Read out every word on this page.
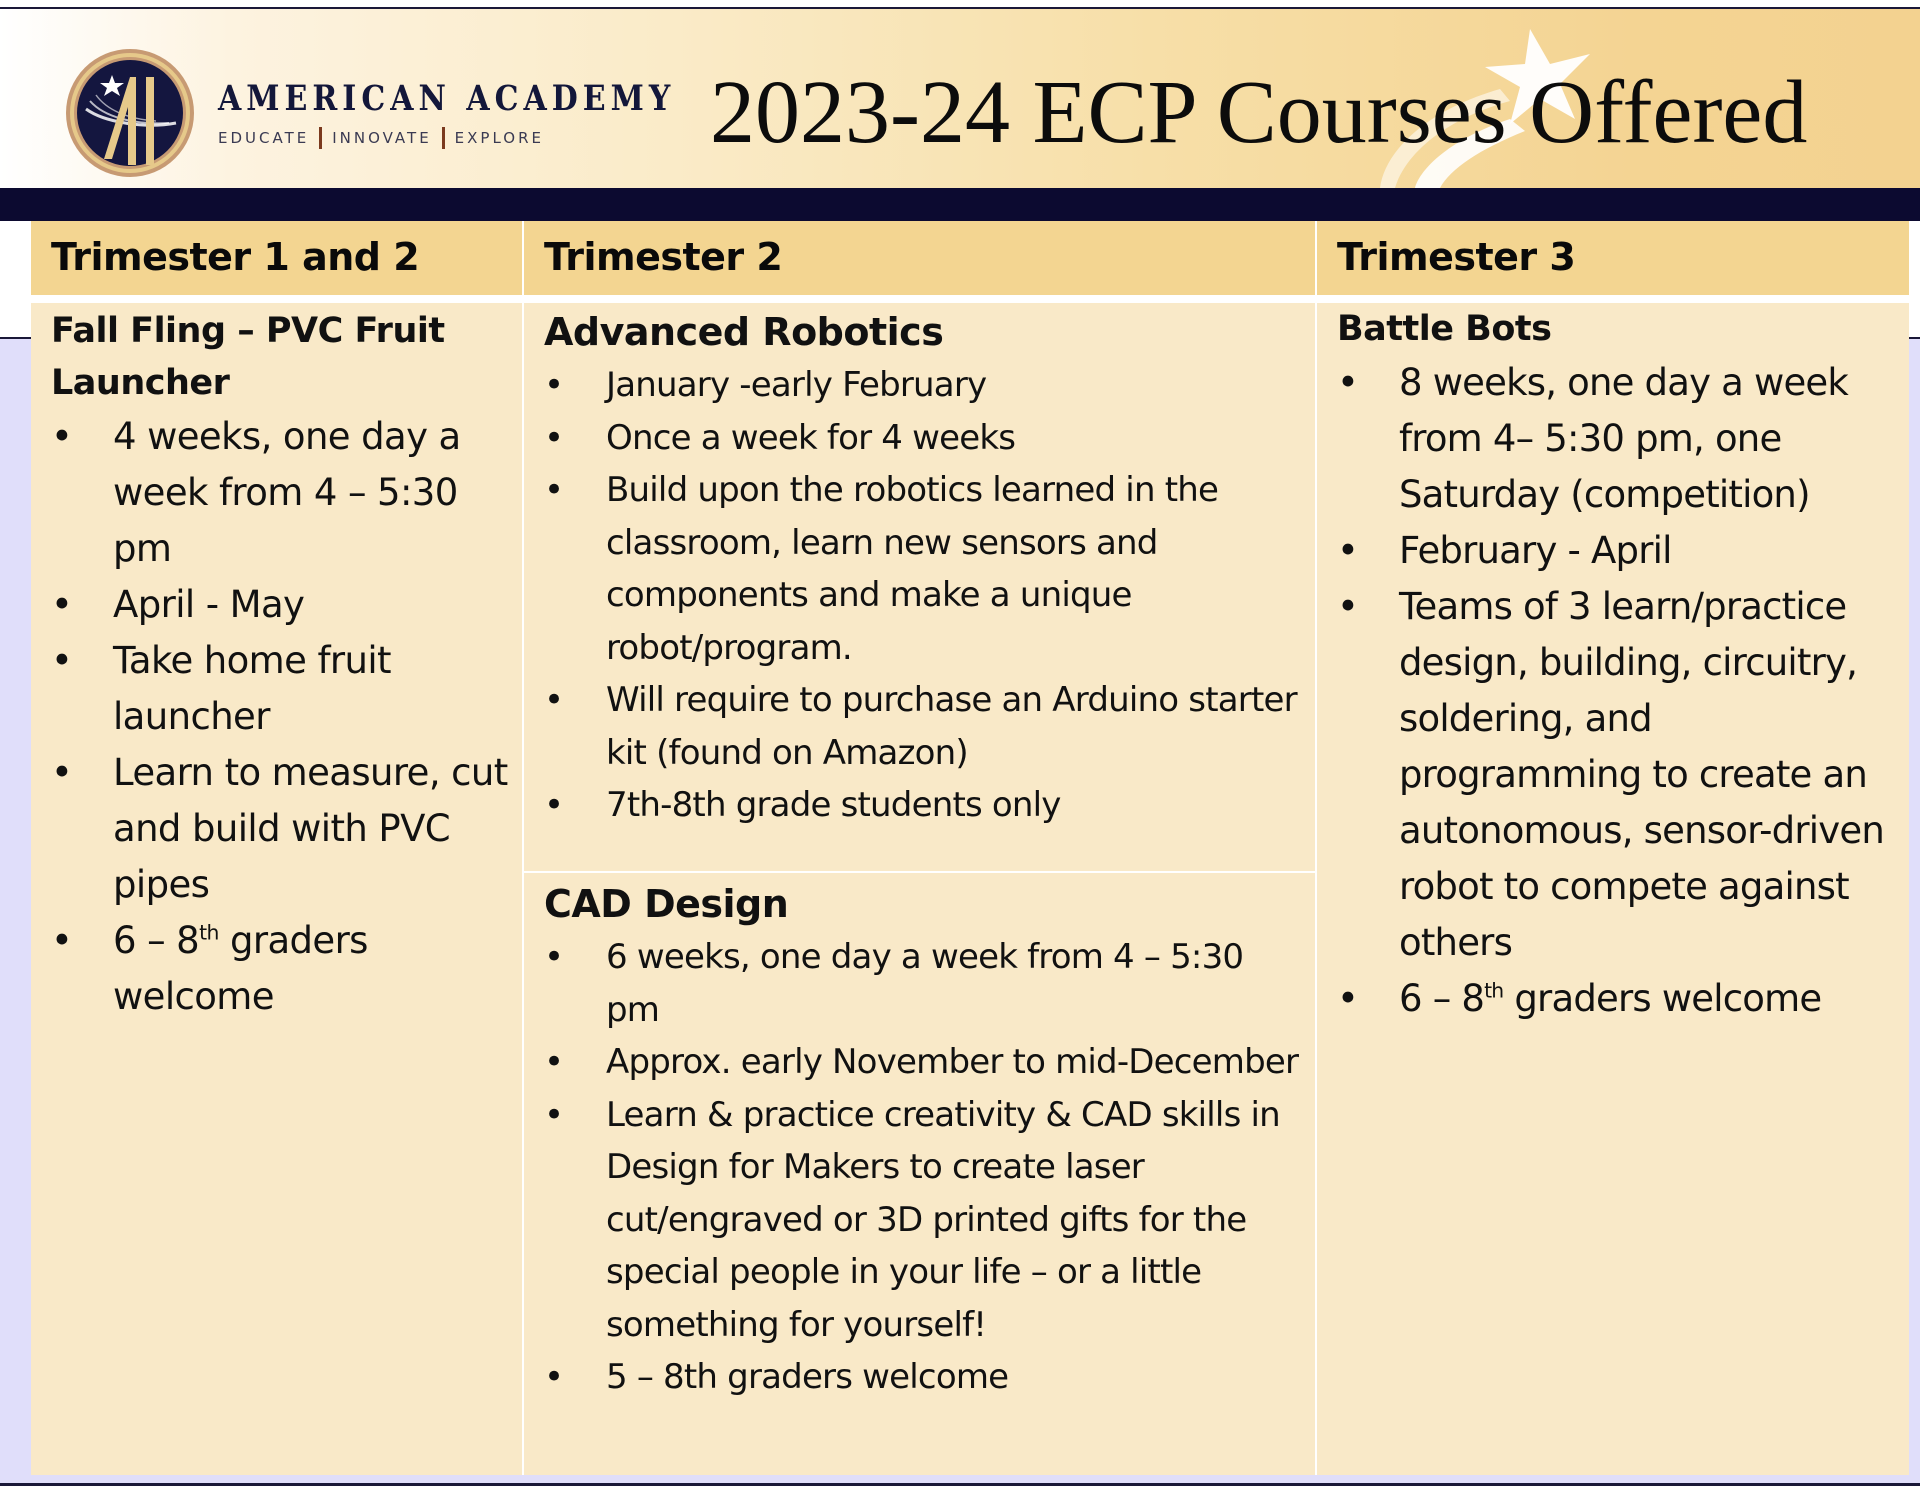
AMERICAN ACADEMY
EDUCATE INNOVATE EXPLORE 2023-24 ECP Courses Offered
Trimester 1 and 2	Trimester 2	Trimester 3
Fall Fling – PVC Fruit Launcher
• 4 weeks, one day a week from 4 – 5:30 pm
• April - May
• Take home fruit launcher
• Learn to measure, cut and build with PVC pipes
• 6 – 8th graders welcome
Advanced Robotics
• January -early February
• Once a week for 4 weeks
• Build upon the robotics learned in the classroom, learn new sensors and components and make a unique robot/program.
• Will require to purchase an Arduino starter kit (found on Amazon)
• 7th-8th grade students only
CAD Design
• 6 weeks, one day a week from 4 – 5:30 pm
• Approx. early November to mid-December
• Learn & practice creativity & CAD skills in Design for Makers to create laser cut/engraved or 3D printed gifts for the special people in your life – or a little something for yourself!
• 5 – 8th graders welcome
Battle Bots
• 8 weeks, one day a week from 4– 5:30 pm, one Saturday (competition)
• February - April
• Teams of 3 learn/practice design, building, circuitry, soldering, and programming to create an autonomous, sensor-driven robot to compete against others
• 6 – 8th graders welcome
